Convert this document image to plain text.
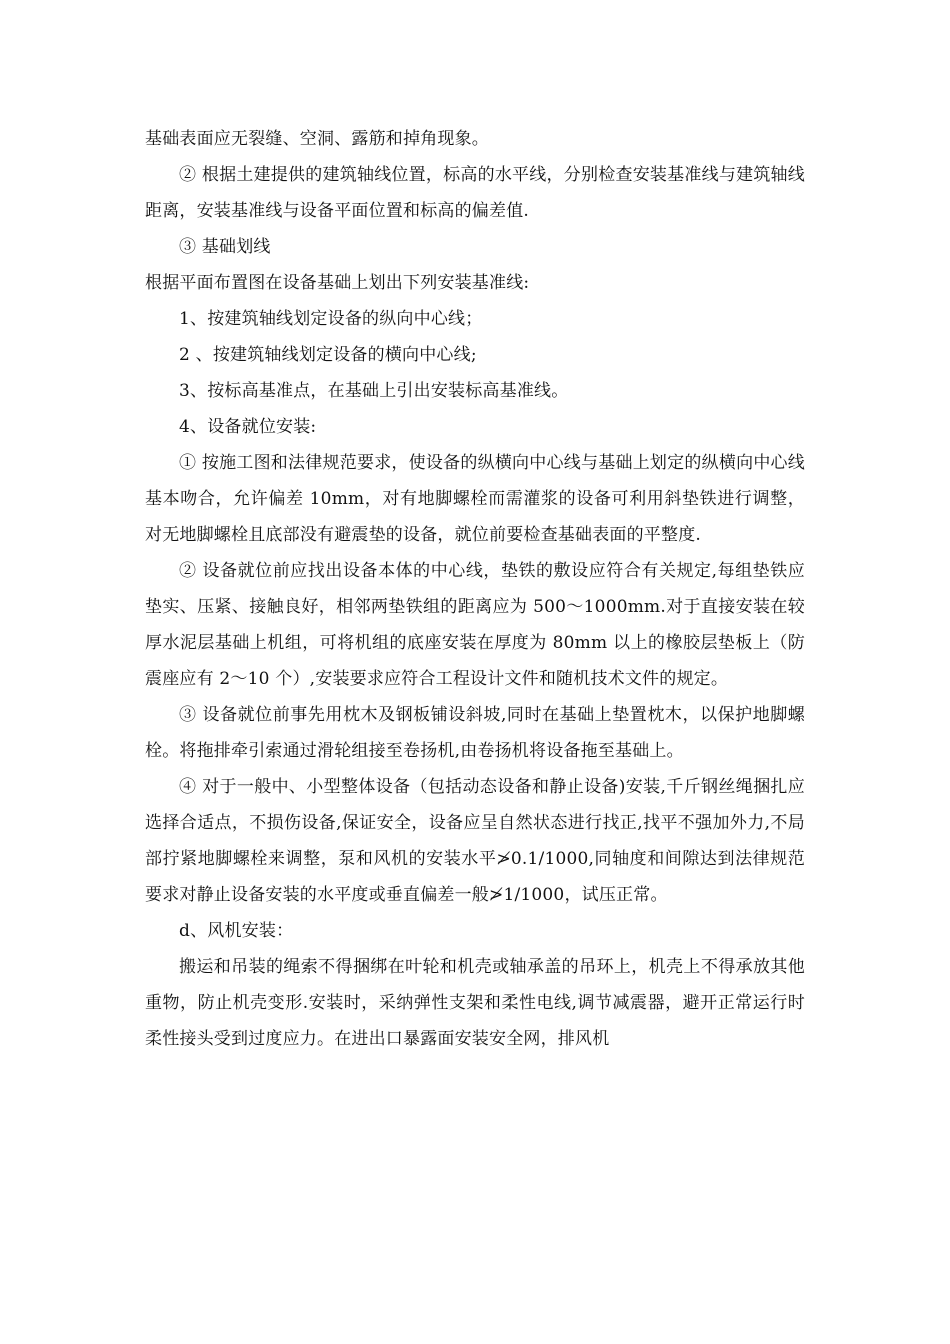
基础表面应无裂缝、空洞、露筋和掉角现象。

② 根据土建提供的建筑轴线位置，标高的水平线，分别检查安装基准线与建筑轴线距离，安装基准线与设备平面位置和标高的偏差值.

③ 基础划线

根据平面布置图在设备基础上划出下列安装基准线:

1、按建筑轴线划定设备的纵向中心线；

2 、按建筑轴线划定设备的横向中心线;

3、按标高基准点，在基础上引出安装标高基准线。

4、设备就位安装:

① 按施工图和法律规范要求，使设备的纵横向中心线与基础上划定的纵横向中心线基本吻合，允许偏差 10mm，对有地脚螺栓而需灌浆的设备可利用斜垫铁进行调整，对无地脚螺栓且底部没有避震垫的设备，就位前要检查基础表面的平整度.

② 设备就位前应找出设备本体的中心线，垫铁的敷设应符合有关规定,每组垫铁应垫实、压紧、接触良好，相邻两垫铁组的距离应为 500～1000mm.对于直接安装在较厚水泥层基础上机组，可将机组的底座安装在厚度为 80mm 以上的橡胶层垫板上（防震座应有 2～10 个）,安装要求应符合工程设计文件和随机技术文件的规定。

③ 设备就位前事先用枕木及钢板铺设斜坡,同时在基础上垫置枕木，以保护地脚螺栓。将拖排牵引索通过滑轮组接至卷扬机,由卷扬机将设备拖至基础上。

④ 对于一般中、小型整体设备（包括动态设备和静止设备)安装,千斤钢丝绳捆扎应选择合适点，不损伤设备,保证安全，设备应呈自然状态进行找正,找平不强加外力,不局部拧紧地脚螺栓来调整，泵和风机的安装水平≯0.1/1000,同轴度和间隙达到法律规范要求对静止设备安装的水平度或垂直偏差一般≯1/1000，试压正常。

d、风机安装：

搬运和吊装的绳索不得捆绑在叶轮和机壳或轴承盖的吊环上，机壳上不得承放其他重物，防止机壳变形.安装时，采纳弹性支架和柔性电线,调节减震器，避开正常运行时柔性接头受到过度应力。在进出口暴露面安装安全网，排风机
